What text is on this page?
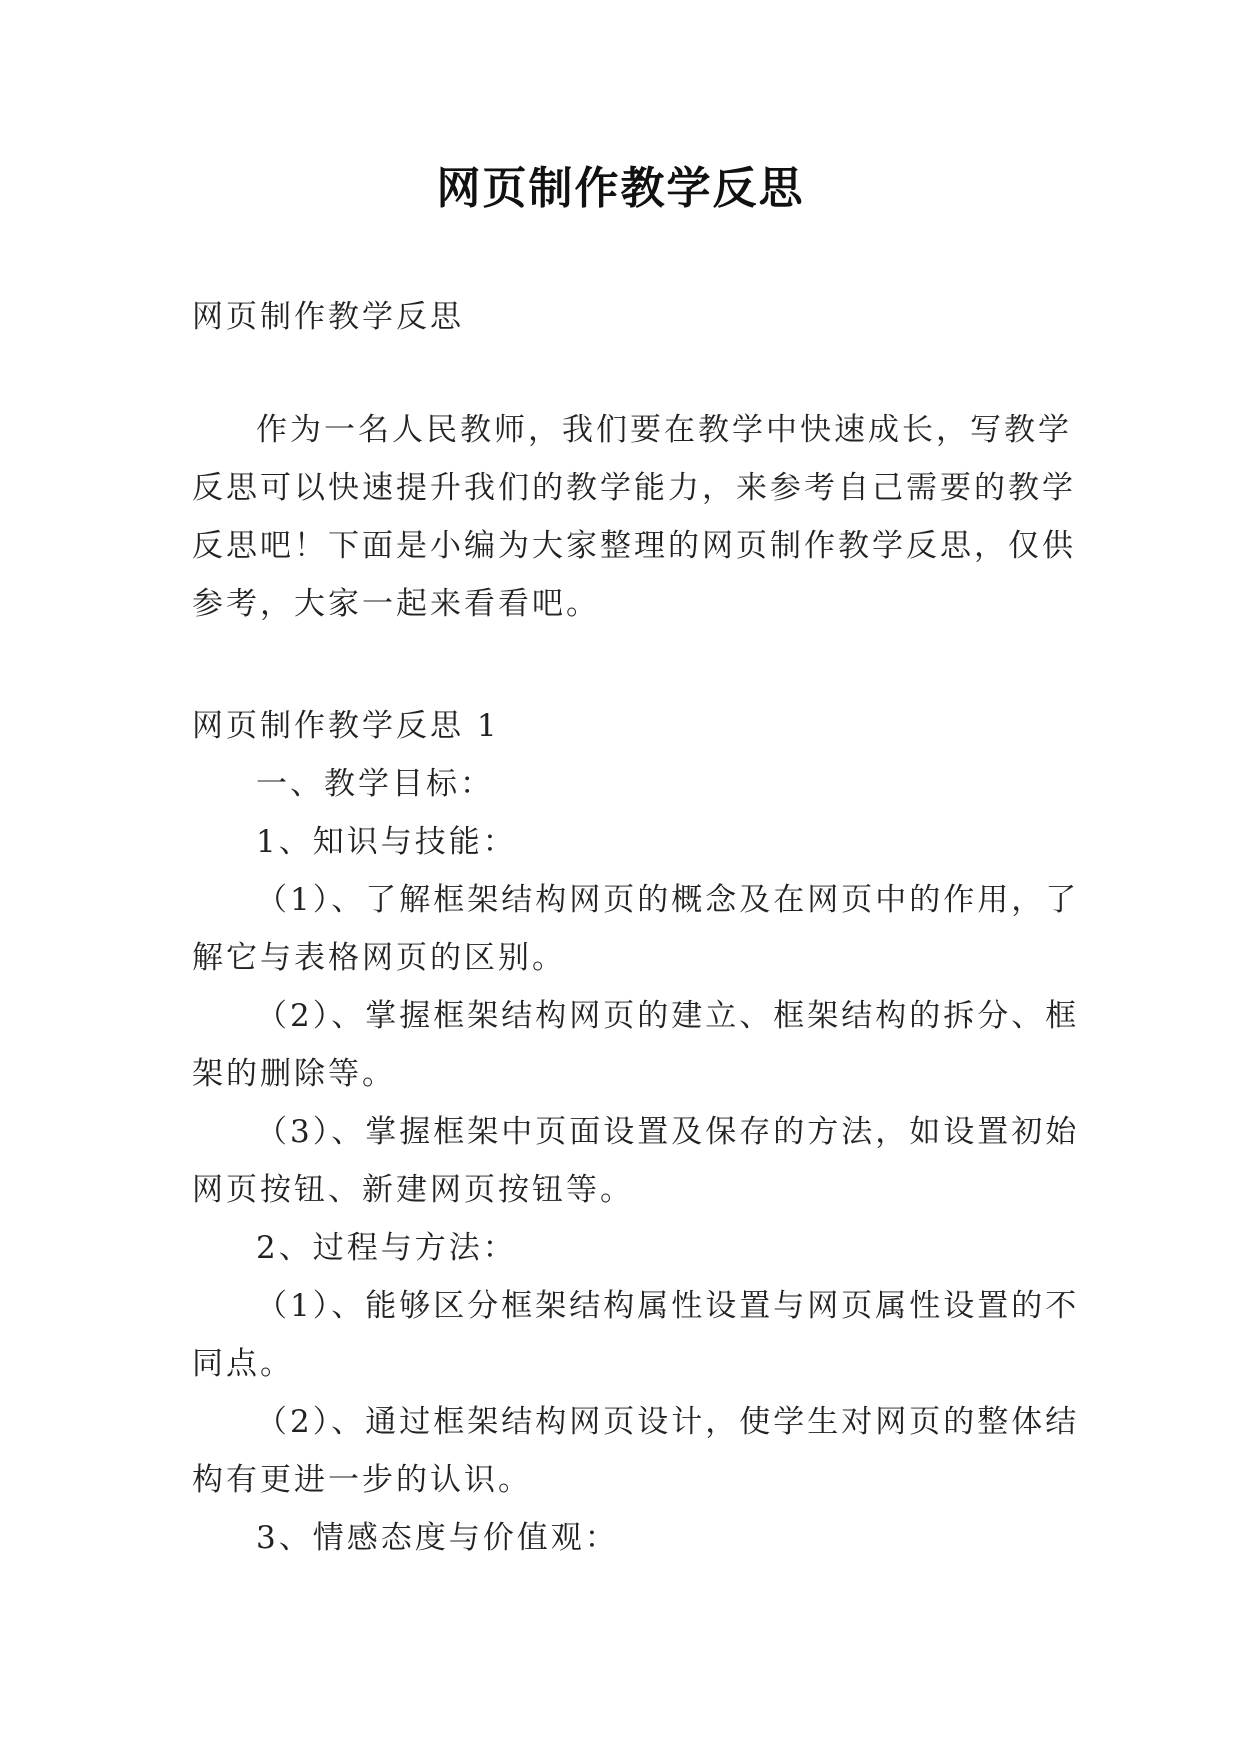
网页制作教学反思

网页制作教学反思

作为一名人民教师，我们要在教学中快速成长，写教学

反思可以快速提升我们的教学能力，来参考自己需要的教学

反思吧！下面是小编为大家整理的网页制作教学反思，仅供

参考，大家一起来看看吧。

网页制作教学反思 1

一、教学目标：

1、知识与技能：

（1）、了解框架结构网页的概念及在网页中的作用，了

解它与表格网页的区别。

（2）、掌握框架结构网页的建立、框架结构的拆分、框

架的删除等。

（3）、掌握框架中页面设置及保存的方法，如设置初始

网页按钮、新建网页按钮等。

2、过程与方法：

（1）、能够区分框架结构属性设置与网页属性设置的不

同点。

（2）、通过框架结构网页设计，使学生对网页的整体结

构有更进一步的认识。

3、情感态度与价值观：
